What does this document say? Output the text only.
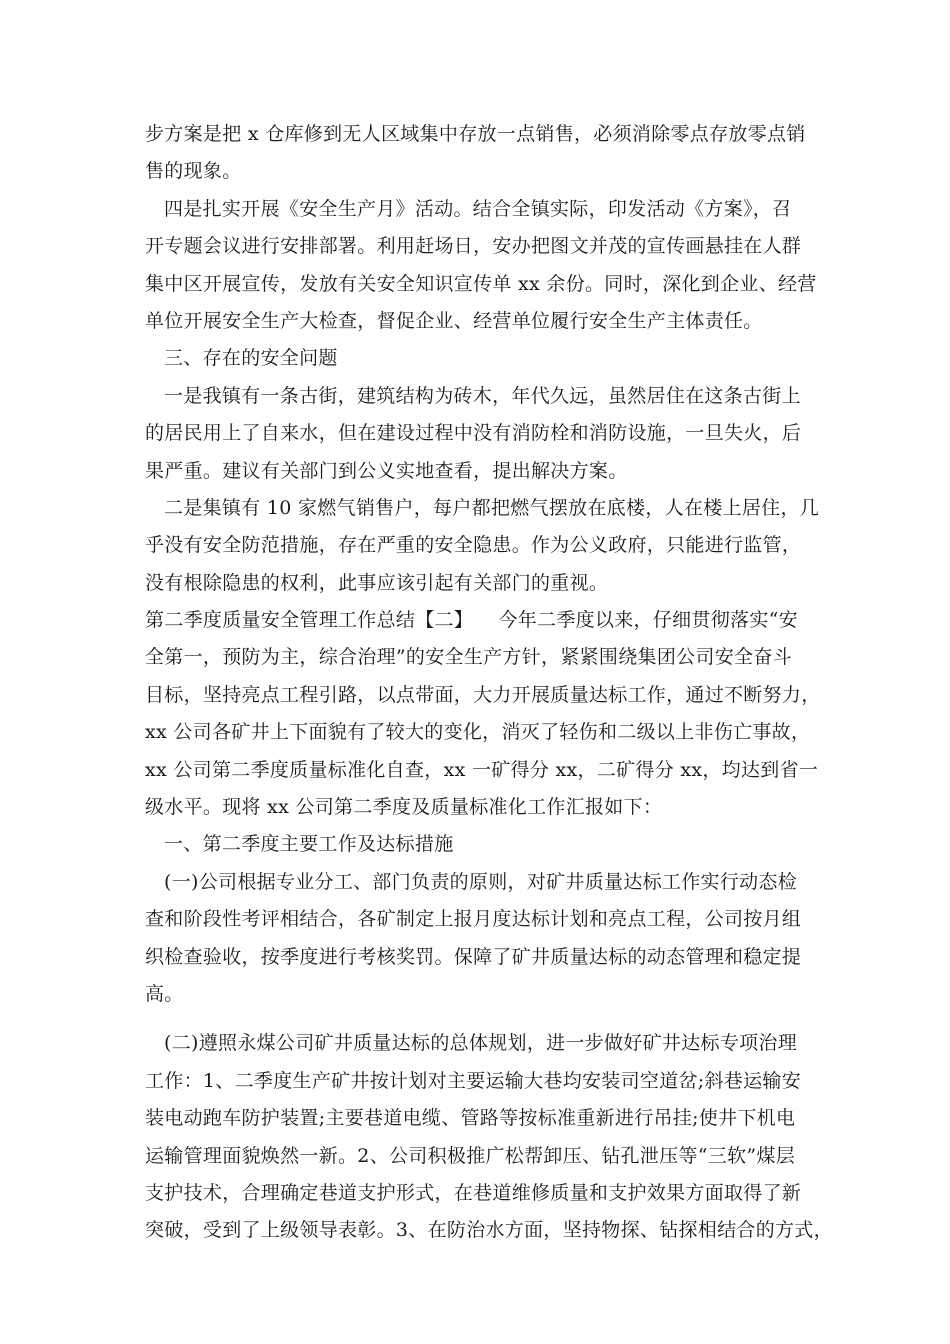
步方案是把 x 仓库修到无人区域集中存放一点销售，必须消除零点存放零点销
售的现象。
四是扎实开展《安全生产月》活动。结合全镇实际，印发活动《方案》，召
开专题会议进行安排部署。利用赶场日，安办把图文并茂的宣传画悬挂在人群
集中区开展宣传，发放有关安全知识宣传单 xx 余份。同时，深化到企业、经营
单位开展安全生产大检查，督促企业、经营单位履行安全生产主体责任。
三、存在的安全问题
一是我镇有一条古街，建筑结构为砖木，年代久远，虽然居住在这条古街上
的居民用上了自来水，但在建设过程中没有消防栓和消防设施，一旦失火，后
果严重。建议有关部门到公义实地查看，提出解决方案。
二是集镇有 10 家燃气销售户，每户都把燃气摆放在底楼，人在楼上居住，几
乎没有安全防范措施，存在严重的安全隐患。作为公义政府，只能进行监管，
没有根除隐患的权利，此事应该引起有关部门的重视。
第二季度质量安全管理工作总结【二】    今年二季度以来，仔细贯彻落实“安
全第一，预防为主，综合治理”的安全生产方针，紧紧围绕集团公司安全奋斗
目标，坚持亮点工程引路，以点带面，大力开展质量达标工作，通过不断努力，
xx 公司各矿井上下面貌有了较大的变化，消灭了轻伤和二级以上非伤亡事故，
xx 公司第二季度质量标准化自查，xx 一矿得分 xx，二矿得分 xx，均达到省一
级水平。现将 xx 公司第二季度及质量标准化工作汇报如下：
一、第二季度主要工作及达标措施
(一)公司根据专业分工、部门负责的原则，对矿井质量达标工作实行动态检
查和阶段性考评相结合，各矿制定上报月度达标计划和亮点工程，公司按月组
织检查验收，按季度进行考核奖罚。保障了矿井质量达标的动态管理和稳定提
高。
(二)遵照永煤公司矿井质量达标的总体规划，进一步做好矿井达标专项治理
工作：1、二季度生产矿井按计划对主要运输大巷均安装司空道岔;斜巷运输安
装电动跑车防护装置;主要巷道电缆、管路等按标准重新进行吊挂;使井下机电
运输管理面貌焕然一新。2、公司积极推广松帮卸压、钻孔泄压等“三软”煤层
支护技术，合理确定巷道支护形式，在巷道维修质量和支护效果方面取得了新
突破，受到了上级领导表彰。3、在防治水方面，坚持物探、钻探相结合的方式，
